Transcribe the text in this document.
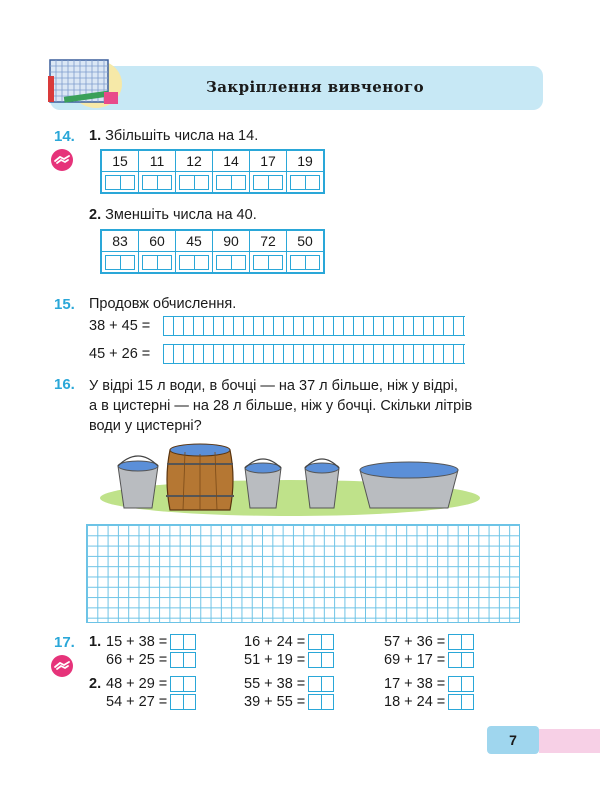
Закріплення вивченого
14. 1. Збільшіть числа на 14.
15	11	12	14	17	19

2. Зменшіть числа на 40.
83	60	45	90	72	50

15. Продовж обчислення.
38 + 45 =
45 + 26 =
16. У відрі 15 л води, в бочці — на 37 л більше, ніж у відрі,
а в цистерні — на 28 л більше, ніж у бочці. Скільки літрів
води у цистерні?
17. 1.
2.
15 + 38 =	16 + 24 =	57 + 36 =
66 + 25 =	51 + 19 =	69 + 17 =
48 + 29 =	55 + 38 =	17 + 38 =
54 + 27 =	39 + 55 =	18 + 24 =
7
